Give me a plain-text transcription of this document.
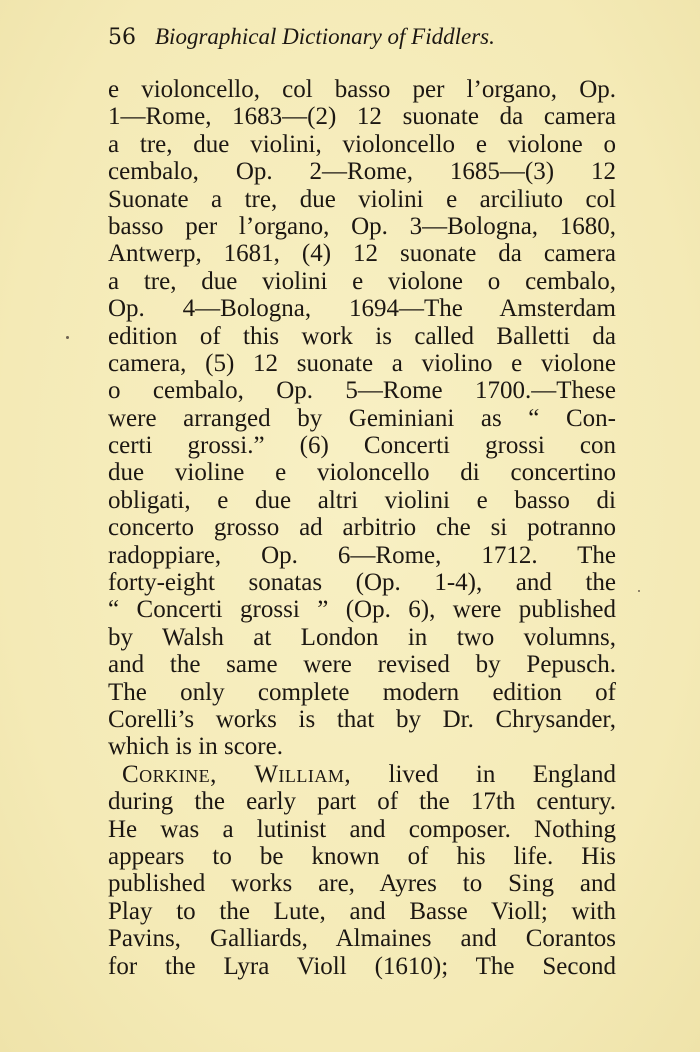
56 Biographical Dictionary of Fiddlers.
e violoncello, col basso per l’organo, Op.
1—Rome, 1683—(2) 12 suonate da camera
a tre, due violini, violoncello e violone o
cembalo, Op. 2—Rome, 1685—(3) 12
Suonate a tre, due violini e arciliuto col
basso per l’organo, Op. 3—Bologna, 1680,
Antwerp, 1681, (4) 12 suonate da camera
a tre, due violini e violone o cembalo,
Op. 4—Bologna, 1694—The Amsterdam
edition of this work is called Balletti da
camera, (5) 12 suonate a violino e violone
o cembalo, Op. 5—Rome 1700.—These
were arranged by Geminiani as “ Con-
certi grossi.” (6) Concerti grossi con
due violine e violoncello di concertino
obligati, e due altri violini e basso di
concerto grosso ad arbitrio che si potranno
radoppiare, Op. 6—Rome, 1712. The
forty-eight sonatas (Op. 1-4), and the
“ Concerti grossi ” (Op. 6), were published
by Walsh at London in two volumns,
and the same were revised by Pepusch.
The only complete modern edition of
Corelli’s works is that by Dr. Chrysander,
which is in score.
Corkine, William, lived in England
during the early part of the 17th century.
He was a lutinist and composer. Nothing
appears to be known of his life. His
published works are, Ayres to Sing and
Play to the Lute, and Basse Violl; with
Pavins, Galliards, Almaines and Corantos
for the Lyra Violl (1610); The Second
